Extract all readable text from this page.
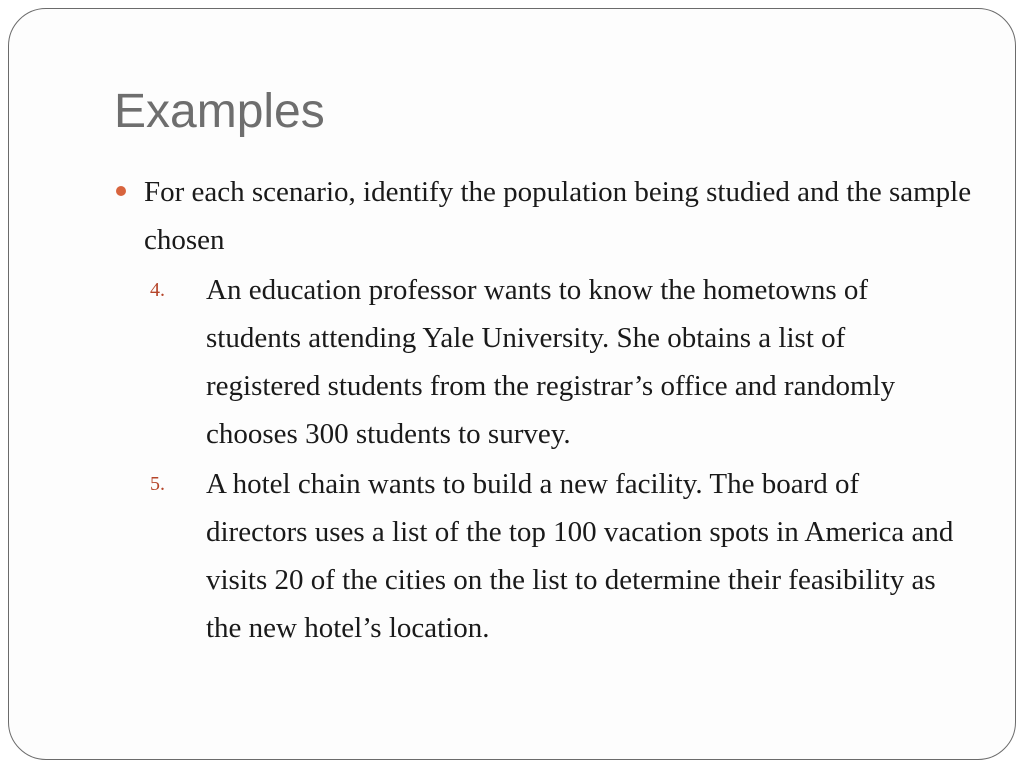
Examples

For each scenario, identify the population being studied and the sample chosen

4. An education professor wants to know the hometowns of students attending Yale University. She obtains a list of registered students from the registrar’s office and randomly chooses 300 students to survey.
5. A hotel chain wants to build a new facility. The board of directors uses a list of the top 100 vacation spots in America and visits 20 of the cities on the list to determine their feasibility as the new hotel’s location.
